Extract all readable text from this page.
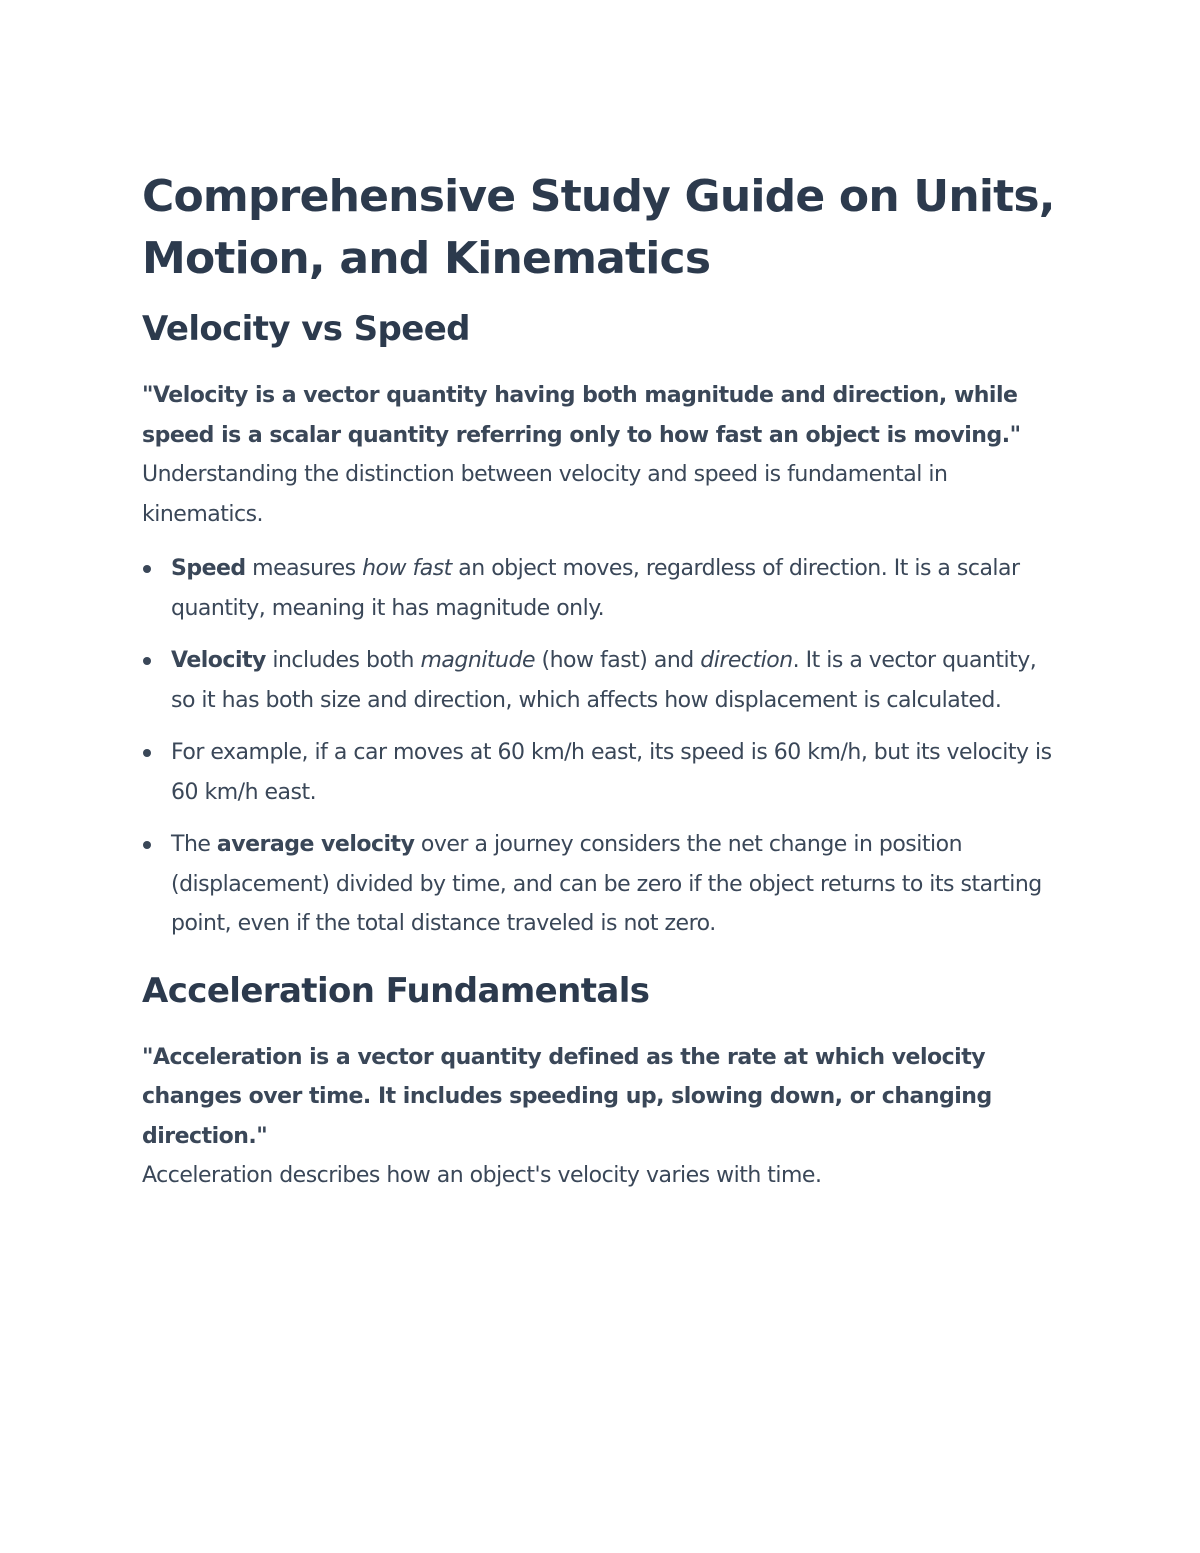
Comprehensive Study Guide on Units, Motion, and Kinematics
Velocity vs Speed

"Velocity is a vector quantity having both magnitude and direction, while speed is a scalar quantity referring only to how fast an object is moving."

Understanding the distinction between velocity and speed is fundamental in kinematics.

Speed measures how fast an object moves, regardless of direction. It is a scalar quantity, meaning it has magnitude only.
Velocity includes both magnitude (how fast) and direction. It is a vector quantity, so it has both size and direction, which affects how displacement is calculated.
For example, if a car moves at 60 km/h east, its speed is 60 km/h, but its velocity is 60 km/h east.
The average velocity over a journey considers the net change in position (displacement) divided by time, and can be zero if the object returns to its starting point, even if the total distance traveled is not zero.
Acceleration Fundamentals

"Acceleration is a vector quantity defined as the rate at which velocity changes over time. It includes speeding up, slowing down, or changing direction."

Acceleration describes how an object's velocity varies with time.
